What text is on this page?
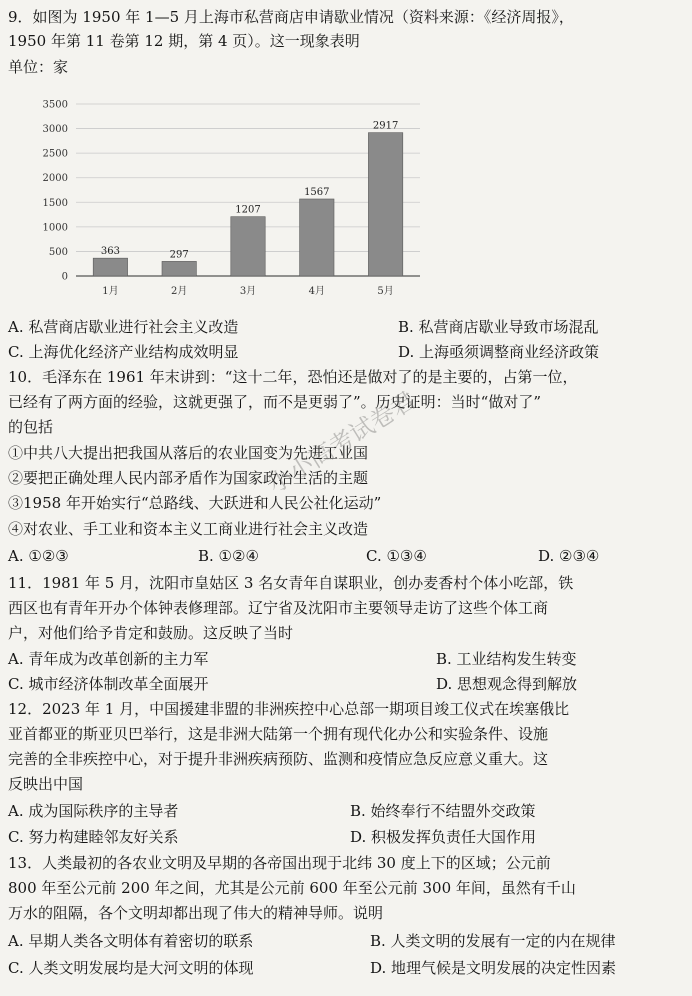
9．如图为 1950 年 1—5 月上海市私营商店申请歇业情况（资料来源：《经济周报》，
1950 年第 11 卷第 12 期，第 4 页）。这一现象表明
单位：家
0
500
1000
1500
2000
2500
3000
3500
363
1月
297
2月
1207
3月
1567
4月
2917
5月
A. 私营商店歇业进行社会主义改造	B. 私营商店歇业导致市场混乱
C. 上海优化经济产业结构成效明显	D. 上海亟须调整商业经济政策
10．毛泽东在 1961 年末讲到：“这十二年，恐怕还是做对了的是主要的，占第一位，
已经有了两方面的经验，这就更强了，而不是更弱了”。历史证明：当时“做对了”
的包括
①中共八大提出把我国从落后的农业国变为先进工业国
②要把正确处理人民内部矛盾作为国家政治生活的主题
③1958 年开始实行“总路线、大跃进和人民公社化运动”
④对农业、手工业和资本主义工商业进行社会主义改造
A. ①②③	B. ①②④	C. ①③④	D. ②③④
11．1981 年 5 月，沈阳市皇姑区 3 名女青年自谋职业，创办麦香村个体小吃部，铁
西区也有青年开办个体钟表修理部。辽宁省及沈阳市主要领导走访了这些个体工商
户，对他们给予肯定和鼓励。这反映了当时
A. 青年成为改革创新的主力军	B. 工业结构发生转变
C. 城市经济体制改革全面展开	D. 思想观念得到解放
12．2023 年 1 月，中国援建非盟的非洲疾控中心总部一期项目竣工仪式在埃塞俄比
亚首都亚的斯亚贝巴举行，这是非洲大陆第一个拥有现代化办公和实验条件、设施
完善的全非疾控中心，对于提升非洲疾病预防、监测和疫情应急反应意义重大。这
反映出中国
A. 成为国际秩序的主导者	B. 始终奉行不结盟外交政策
C. 努力构建睦邻友好关系	D. 积极发挥负责任大国作用
13．人类最初的各农业文明及早期的各帝国出现于北纬 30 度上下的区域；公元前
800 年至公元前 200 年之间，尤其是公元前 600 年至公元前 300 年间，虽然有千山
万水的阻隔，各个文明却都出现了伟大的精神导师。说明
A. 早期人类各文明体有着密切的联系	B. 人类文明的发展有一定的内在规律
C. 人类文明发展均是大河文明的体现	D. 地理气候是文明发展的决定性因素
小小高考试卷君
